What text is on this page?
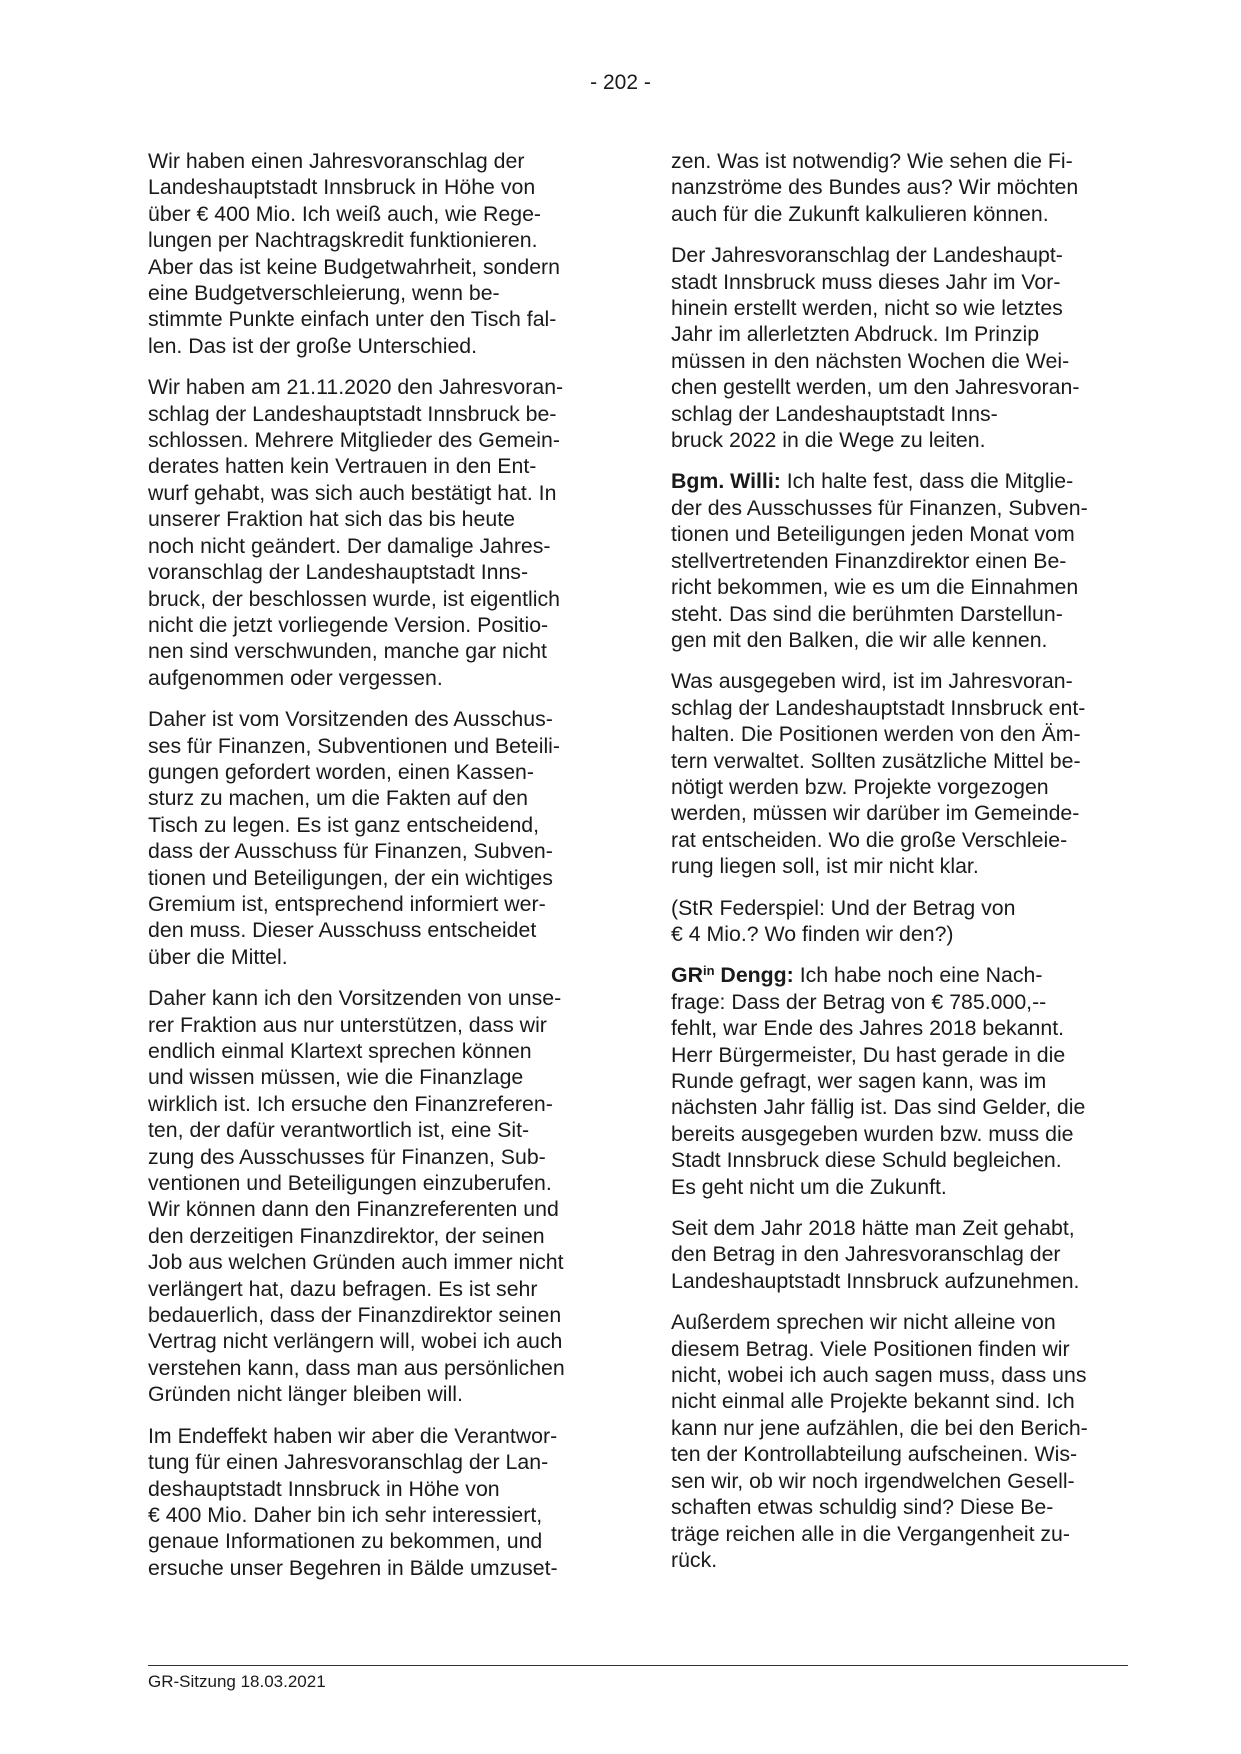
- 202 -
Wir haben einen Jahresvoranschlag der
Landeshauptstadt Innsbruck in Höhe von
über € 400 Mio. Ich weiß auch, wie Rege-
lungen per Nachtragskredit funktionieren.
Aber das ist keine Budgetwahrheit, sondern
eine Budgetverschleierung, wenn be-
stimmte Punkte einfach unter den Tisch fal-
len. Das ist der große Unterschied.
Wir haben am 21.11.2020 den Jahresvoran-
schlag der Landeshauptstadt Innsbruck be-
schlossen. Mehrere Mitglieder des Gemein-
derates hatten kein Vertrauen in den Ent-
wurf gehabt, was sich auch bestätigt hat. In
unserer Fraktion hat sich das bis heute
noch nicht geändert. Der damalige Jahres-
voranschlag der Landeshauptstadt Inns-
bruck, der beschlossen wurde, ist eigentlich
nicht die jetzt vorliegende Version. Positio-
nen sind verschwunden, manche gar nicht
aufgenommen oder vergessen.
Daher ist vom Vorsitzenden des Ausschus-
ses für Finanzen, Subventionen und Beteili-
gungen gefordert worden, einen Kassen-
sturz zu machen, um die Fakten auf den
Tisch zu legen. Es ist ganz entscheidend,
dass der Ausschuss für Finanzen, Subven-
tionen und Beteiligungen, der ein wichtiges
Gremium ist, entsprechend informiert wer-
den muss. Dieser Ausschuss entscheidet
über die Mittel.
Daher kann ich den Vorsitzenden von unse-
rer Fraktion aus nur unterstützen, dass wir
endlich einmal Klartext sprechen können
und wissen müssen, wie die Finanzlage
wirklich ist. Ich ersuche den Finanzreferen-
ten, der dafür verantwortlich ist, eine Sit-
zung des Ausschusses für Finanzen, Sub-
ventionen und Beteiligungen einzuberufen.
Wir können dann den Finanzreferenten und
den derzeitigen Finanzdirektor, der seinen
Job aus welchen Gründen auch immer nicht
verlängert hat, dazu befragen. Es ist sehr
bedauerlich, dass der Finanzdirektor seinen
Vertrag nicht verlängern will, wobei ich auch
verstehen kann, dass man aus persönlichen
Gründen nicht länger bleiben will.
Im Endeffekt haben wir aber die Verantwor-
tung für einen Jahresvoranschlag der Lan-
deshauptstadt Innsbruck in Höhe von
€ 400 Mio. Daher bin ich sehr interessiert,
genaue Informationen zu bekommen, und
ersuche unser Begehren in Bälde umzuset-
zen. Was ist notwendig? Wie sehen die Fi-
nanzströme des Bundes aus? Wir möchten
auch für die Zukunft kalkulieren können.
Der Jahresvoranschlag der Landeshaupt-
stadt Innsbruck muss dieses Jahr im Vor-
hinein erstellt werden, nicht so wie letztes
Jahr im allerletzten Abdruck. Im Prinzip
müssen in den nächsten Wochen die Wei-
chen gestellt werden, um den Jahresvoran-
schlag der Landeshauptstadt Inns-
bruck 2022 in die Wege zu leiten.
Bgm. Willi: Ich halte fest, dass die Mitglie-
der des Ausschusses für Finanzen, Subven-
tionen und Beteiligungen jeden Monat vom
stellvertretenden Finanzdirektor einen Be-
richt bekommen, wie es um die Einnahmen
steht. Das sind die berühmten Darstellun-
gen mit den Balken, die wir alle kennen.
Was ausgegeben wird, ist im Jahresvoran-
schlag der Landeshauptstadt Innsbruck ent-
halten. Die Positionen werden von den Äm-
tern verwaltet. Sollten zusätzliche Mittel be-
nötigt werden bzw. Projekte vorgezogen
werden, müssen wir darüber im Gemeinde-
rat entscheiden. Wo die große Verschleie-
rung liegen soll, ist mir nicht klar.
(StR Federspiel: Und der Betrag von
€ 4 Mio.? Wo finden wir den?)
$GR^{in}$ Dengg: Ich habe noch eine Nach-
frage: Dass der Betrag von € 785.000,--
fehlt, war Ende des Jahres 2018 bekannt.
Herr Bürgermeister, Du hast gerade in die
Runde gefragt, wer sagen kann, was im
nächsten Jahr fällig ist. Das sind Gelder, die
bereits ausgegeben wurden bzw. muss die
Stadt Innsbruck diese Schuld begleichen.
Es geht nicht um die Zukunft.
Seit dem Jahr 2018 hätte man Zeit gehabt,
den Betrag in den Jahresvoranschlag der
Landeshauptstadt Innsbruck aufzunehmen.
Außerdem sprechen wir nicht alleine von
diesem Betrag. Viele Positionen finden wir
nicht, wobei ich auch sagen muss, dass uns
nicht einmal alle Projekte bekannt sind. Ich
kann nur jene aufzählen, die bei den Berich-
ten der Kontrollabteilung aufscheinen. Wis-
sen wir, ob wir noch irgendwelchen Gesell-
schaften etwas schuldig sind? Diese Be-
träge reichen alle in die Vergangenheit zu-
rück.
GR-Sitzung 18.03.2021
